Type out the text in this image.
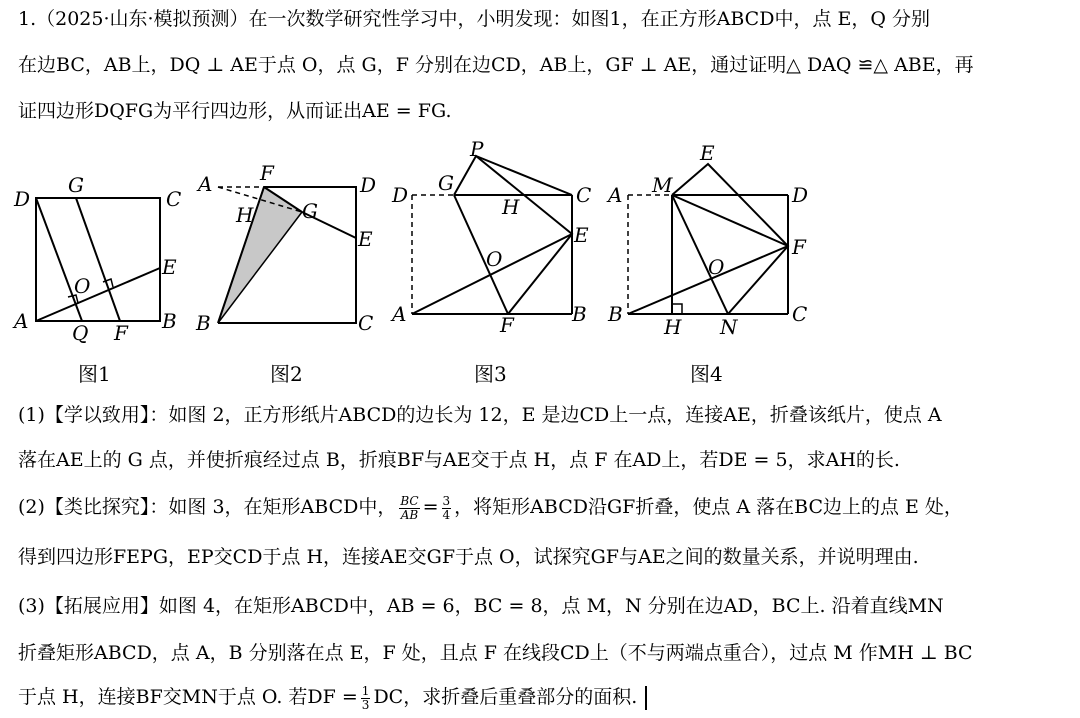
1.（2025·山东·模拟预测）在一次数学研究性学习中，小明发现：如图1，在正方形ABCD中，点 E，Q 分别
在边BC，AB上，DQ ⊥ AE于点 O，点 G，F 分别在边CD，AB上，GF ⊥ AE，通过证明△ DAQ ≌△ ABE，再
证四边形DQFG为平行四边形，从而证出AE = FG.
D
G
C
E
O
A Q F B
A F	D
H G
E
B	C
P
D G
H	C
E
O
A	F	B
E
A M	D
F
O
B
H N
C
图1	图2	图3	图4
(1)【学以致用】：如图 2，正方形纸片ABCD的边长为 12，E 是边CD上一点，连接AE，折叠该纸片，使点 A
落在AE上的 G 点，并使折痕经过点 B，折痕BF与AE交于点 H，点 F 在AD上，若DE = 5，求AH的长.
(2)【类比探究】：如图 3，在矩形ABCD中， $\frac{BC}{AB} = \frac{3}{4}$ ，将矩形ABCD沿GF折叠，使点 A 落在BC边上的点 E 处，
得到四边形FEPG，EP交CD于点 H，连接AE交GF于点 O，试探究GF与AE之间的数量关系，并说明理由.
(3)【拓展应用】如图 4，在矩形ABCD中，AB = 6，BC = 8，点 M，N 分别在边AD，BC上. 沿着直线MN
折叠矩形ABCD，点 A，B 分别落在点 E，F 处，且点 F 在线段CD上（不与两端点重合），过点 M 作MH ⊥ BC
于点 H，连接BF交MN于点 O. 若DF = $\frac{1}{3}$ DC，求折叠后重叠部分的面积.
